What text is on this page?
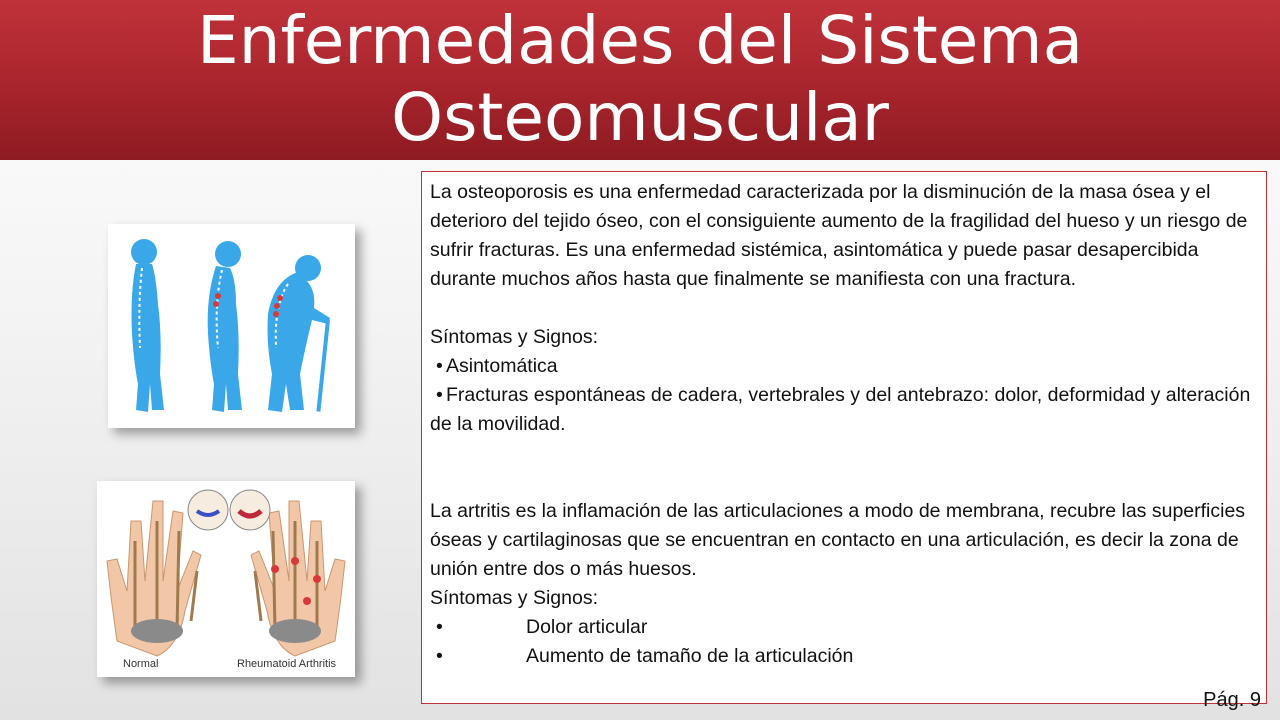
Enfermedades del Sistema
Osteomuscular
Normal	Rheumatoid Arthritis

La osteoporosis es una enfermedad caracterizada por la disminución de la masa ósea y el deterioro del tejido óseo, con el consiguiente aumento de la fragilidad del hueso y un riesgo de sufrir fracturas. Es una enfermedad sistémica, asintomática y puede pasar desapercibida durante muchos años hasta que finalmente se manifiesta con una fractura.

Síntomas y Signos:

• Asintomática

• Fracturas espontáneas de cadera, vertebrales y del antebrazo: dolor, deformidad y alteración de la movilidad.

La artritis es la inflamación de las articulaciones a modo de membrana, recubre las superficies óseas y cartilaginosas que se encuentran en contacto en una articulación, es decir la zona de unión entre dos o más huesos.

Síntomas y Signos:

•	Dolor articular

•	Aumento de tamaño de la articulación

Pág. 9
